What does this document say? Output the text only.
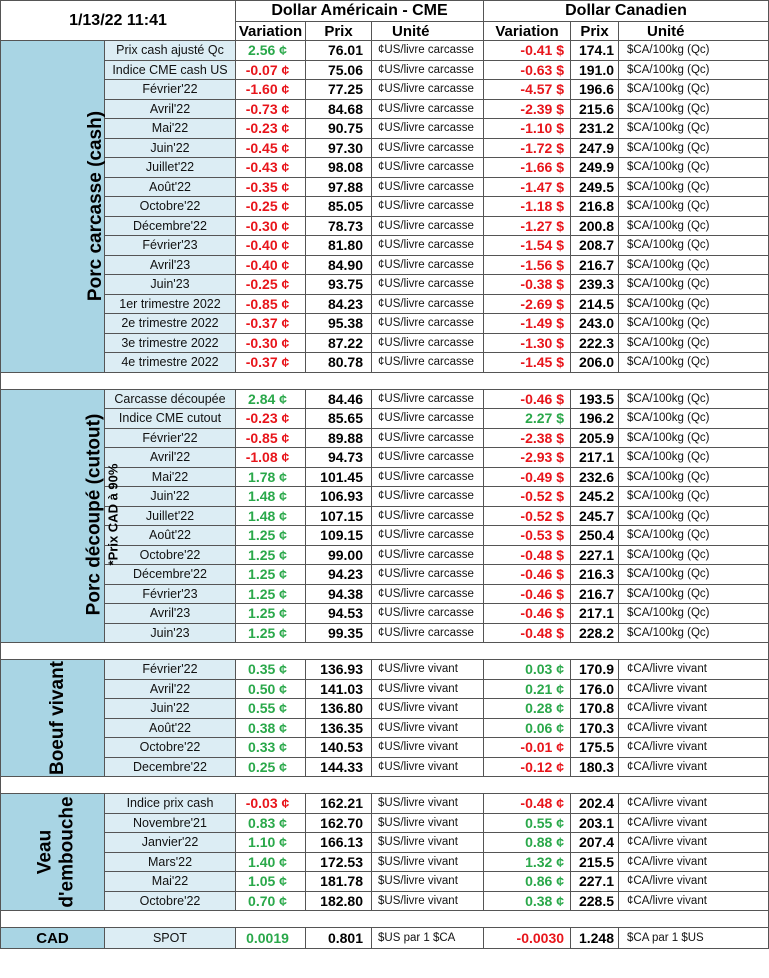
1/13/22 11:41		Dollar Américain - CME			Dollar Canadien		
		Variation	Prix	Unité	Variation	Prix	Unité

Porc carcasse (cash)	Prix cash ajusté Qc	2.56 ¢	76.01	¢US/livre carcasse	-0.41 $	174.1	$CA/100kg (Qc)
	Indice CME cash US	-0.07 ¢	75.06	¢US/livre carcasse	-0.63 $	191.0	$CA/100kg (Qc)
	Février'22	-1.60 ¢	77.25	¢US/livre carcasse	-4.57 $	196.6	$CA/100kg (Qc)
	Avril'22	-0.73 ¢	84.68	¢US/livre carcasse	-2.39 $	215.6	$CA/100kg (Qc)
	Mai'22	-0.23 ¢	90.75	¢US/livre carcasse	-1.10 $	231.2	$CA/100kg (Qc)
	Juin'22	-0.45 ¢	97.30	¢US/livre carcasse	-1.72 $	247.9	$CA/100kg (Qc)
	Juillet'22	-0.43 ¢	98.08	¢US/livre carcasse	-1.66 $	249.9	$CA/100kg (Qc)
	Août'22	-0.35 ¢	97.88	¢US/livre carcasse	-1.47 $	249.5	$CA/100kg (Qc)
	Octobre'22	-0.25 ¢	85.05	¢US/livre carcasse	-1.18 $	216.8	$CA/100kg (Qc)
	Décembre'22	-0.30 ¢	78.73	¢US/livre carcasse	-1.27 $	200.8	$CA/100kg (Qc)
	Février'23	-0.40 ¢	81.80	¢US/livre carcasse	-1.54 $	208.7	$CA/100kg (Qc)
	Avril'23	-0.40 ¢	84.90	¢US/livre carcasse	-1.56 $	216.7	$CA/100kg (Qc)
	Juin'23	-0.25 ¢	93.75	¢US/livre carcasse	-0.38 $	239.3	$CA/100kg (Qc)
	1er trimestre 2022	-0.85 ¢	84.23	¢US/livre carcasse	-2.69 $	214.5	$CA/100kg (Qc)
	2e trimestre 2022	-0.37 ¢	95.38	¢US/livre carcasse	-1.49 $	243.0	$CA/100kg (Qc)
	3e trimestre 2022	-0.30 ¢	87.22	¢US/livre carcasse	-1.30 $	222.3	$CA/100kg (Qc)
	4e trimestre 2022	-0.37 ¢	80.78	¢US/livre carcasse	-1.45 $	206.0	$CA/100kg (Qc)

Porc découpé (cutout) *Prix CAD à 90%	Carcasse découpée	2.84 ¢	84.46	¢US/livre carcasse	-0.46 $	193.5	$CA/100kg (Qc)
	Indice CME cutout	-0.23 ¢	85.65	¢US/livre carcasse	2.27 $	196.2	$CA/100kg (Qc)
	Février'22	-0.85 ¢	89.88	¢US/livre carcasse	-2.38 $	205.9	$CA/100kg (Qc)
	Avril'22	-1.08 ¢	94.73	¢US/livre carcasse	-2.93 $	217.1	$CA/100kg (Qc)
	Mai'22	1.78 ¢	101.45	¢US/livre carcasse	-0.49 $	232.6	$CA/100kg (Qc)
	Juin'22	1.48 ¢	106.93	¢US/livre carcasse	-0.52 $	245.2	$CA/100kg (Qc)
	Juillet'22	1.48 ¢	107.15	¢US/livre carcasse	-0.52 $	245.7	$CA/100kg (Qc)
	Août'22	1.25 ¢	109.15	¢US/livre carcasse	-0.53 $	250.4	$CA/100kg (Qc)
	Octobre'22	1.25 ¢	99.00	¢US/livre carcasse	-0.48 $	227.1	$CA/100kg (Qc)
	Décembre'22	1.25 ¢	94.23	¢US/livre carcasse	-0.46 $	216.3	$CA/100kg (Qc)
	Février'23	1.25 ¢	94.38	¢US/livre carcasse	-0.46 $	216.7	$CA/100kg (Qc)
	Avril'23	1.25 ¢	94.53	¢US/livre carcasse	-0.46 $	217.1	$CA/100kg (Qc)
	Juin'23	1.25 ¢	99.35	¢US/livre carcasse	-0.48 $	228.2	$CA/100kg (Qc)

Boeuf vivant	Février'22	0.35 ¢	136.93	¢US/livre vivant	0.03 ¢	170.9	¢CA/livre vivant
	Avril'22	0.50 ¢	141.03	¢US/livre vivant	0.21 ¢	176.0	¢CA/livre vivant
	Juin'22	0.55 ¢	136.80	¢US/livre vivant	0.28 ¢	170.8	¢CA/livre vivant
	Août'22	0.38 ¢	136.35	¢US/livre vivant	0.06 ¢	170.3	¢CA/livre vivant
	Octobre'22	0.33 ¢	140.53	¢US/livre vivant	-0.01 ¢	175.5	¢CA/livre vivant
	Decembre'22	0.25 ¢	144.33	¢US/livre vivant	-0.12 ¢	180.3	¢CA/livre vivant

Veau
d'embouche	Indice prix cash	-0.03 ¢	162.21	$US/livre vivant	-0.48 ¢	202.4	¢CA/livre vivant
	Novembre'21	0.83 ¢	162.70	$US/livre vivant	0.55 ¢	203.1	¢CA/livre vivant
	Janvier'22	1.10 ¢	166.13	$US/livre vivant	0.88 ¢	207.4	¢CA/livre vivant
	Mars'22	1.40 ¢	172.53	$US/livre vivant	1.32 ¢	215.5	¢CA/livre vivant
	Mai'22	1.05 ¢	181.78	$US/livre vivant	0.86 ¢	227.1	¢CA/livre vivant
	Octobre'22	0.70 ¢	182.80	$US/livre vivant	0.38 ¢	228.5	¢CA/livre vivant

CAD	SPOT	0.0019	0.801	$US par 1 $CA	-0.0030	1.248	$CA par 1 $US
